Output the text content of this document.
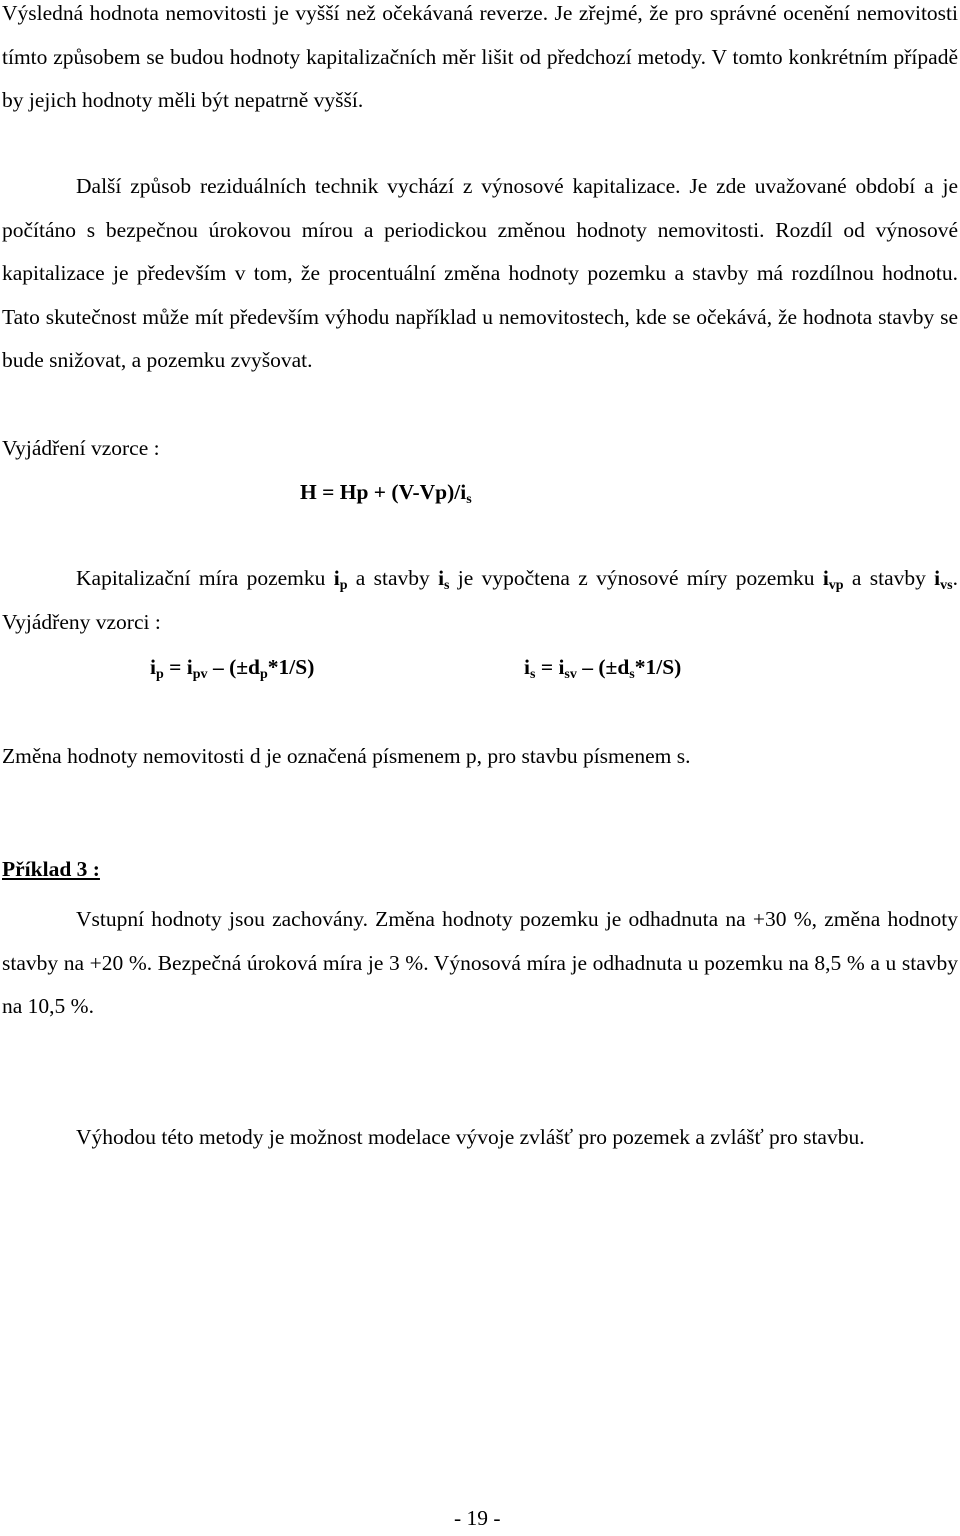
Výsledná hodnota nemovitosti je vyšší než očekávaná reverze. Je zřejmé, že pro správné ocenění nemovitosti tímto způsobem se budou hodnoty kapitalizačních měr lišit od předchozí metody. V tomto konkrétním případě by jejich hodnoty měli být nepatrně vyšší.

Další způsob reziduálních technik vychází z výnosové kapitalizace. Je zde uvažované období a je počítáno s bezpečnou úrokovou mírou a periodickou změnou hodnoty nemovitosti. Rozdíl od výnosové kapitalizace je především v tom, že procentuální změna hodnoty pozemku a stavby má rozdílnou hodnotu. Tato skutečnost může mít především výhodu například u nemovitostech, kde se očekává, že hodnota stavby se bude snižovat, a pozemku zvyšovat.

Vyjádření vzorce :

$H = Hp + (V-Vp)/i_s$

Kapitalizační míra pozemku $i_p$ a stavby $i_s$ je vypočtena z výnosové míry pozemku $i_{vp}$ a stavby $i_{vs}$. Vyjádřeny vzorci :

$i_p = i_{pv} - (\pm d_p*1/S)$	$i_s = i_{sv} - (\pm d_s*1/S)$

Změna hodnoty nemovitosti d je označená písmenem p, pro stavbu písmenem s.

Příklad 3 :

Vstupní hodnoty jsou zachovány. Změna hodnoty pozemku je odhadnuta na +30 %, změna hodnoty stavby na +20 %. Bezpečná úroková míra je 3 %. Výnosová míra je odhadnuta u pozemku na 8,5 % a u stavby na 10,5 %.

Výhodou této metody je možnost modelace vývoje zvlášť pro pozemek a zvlášť pro stavbu.

- 19 -
